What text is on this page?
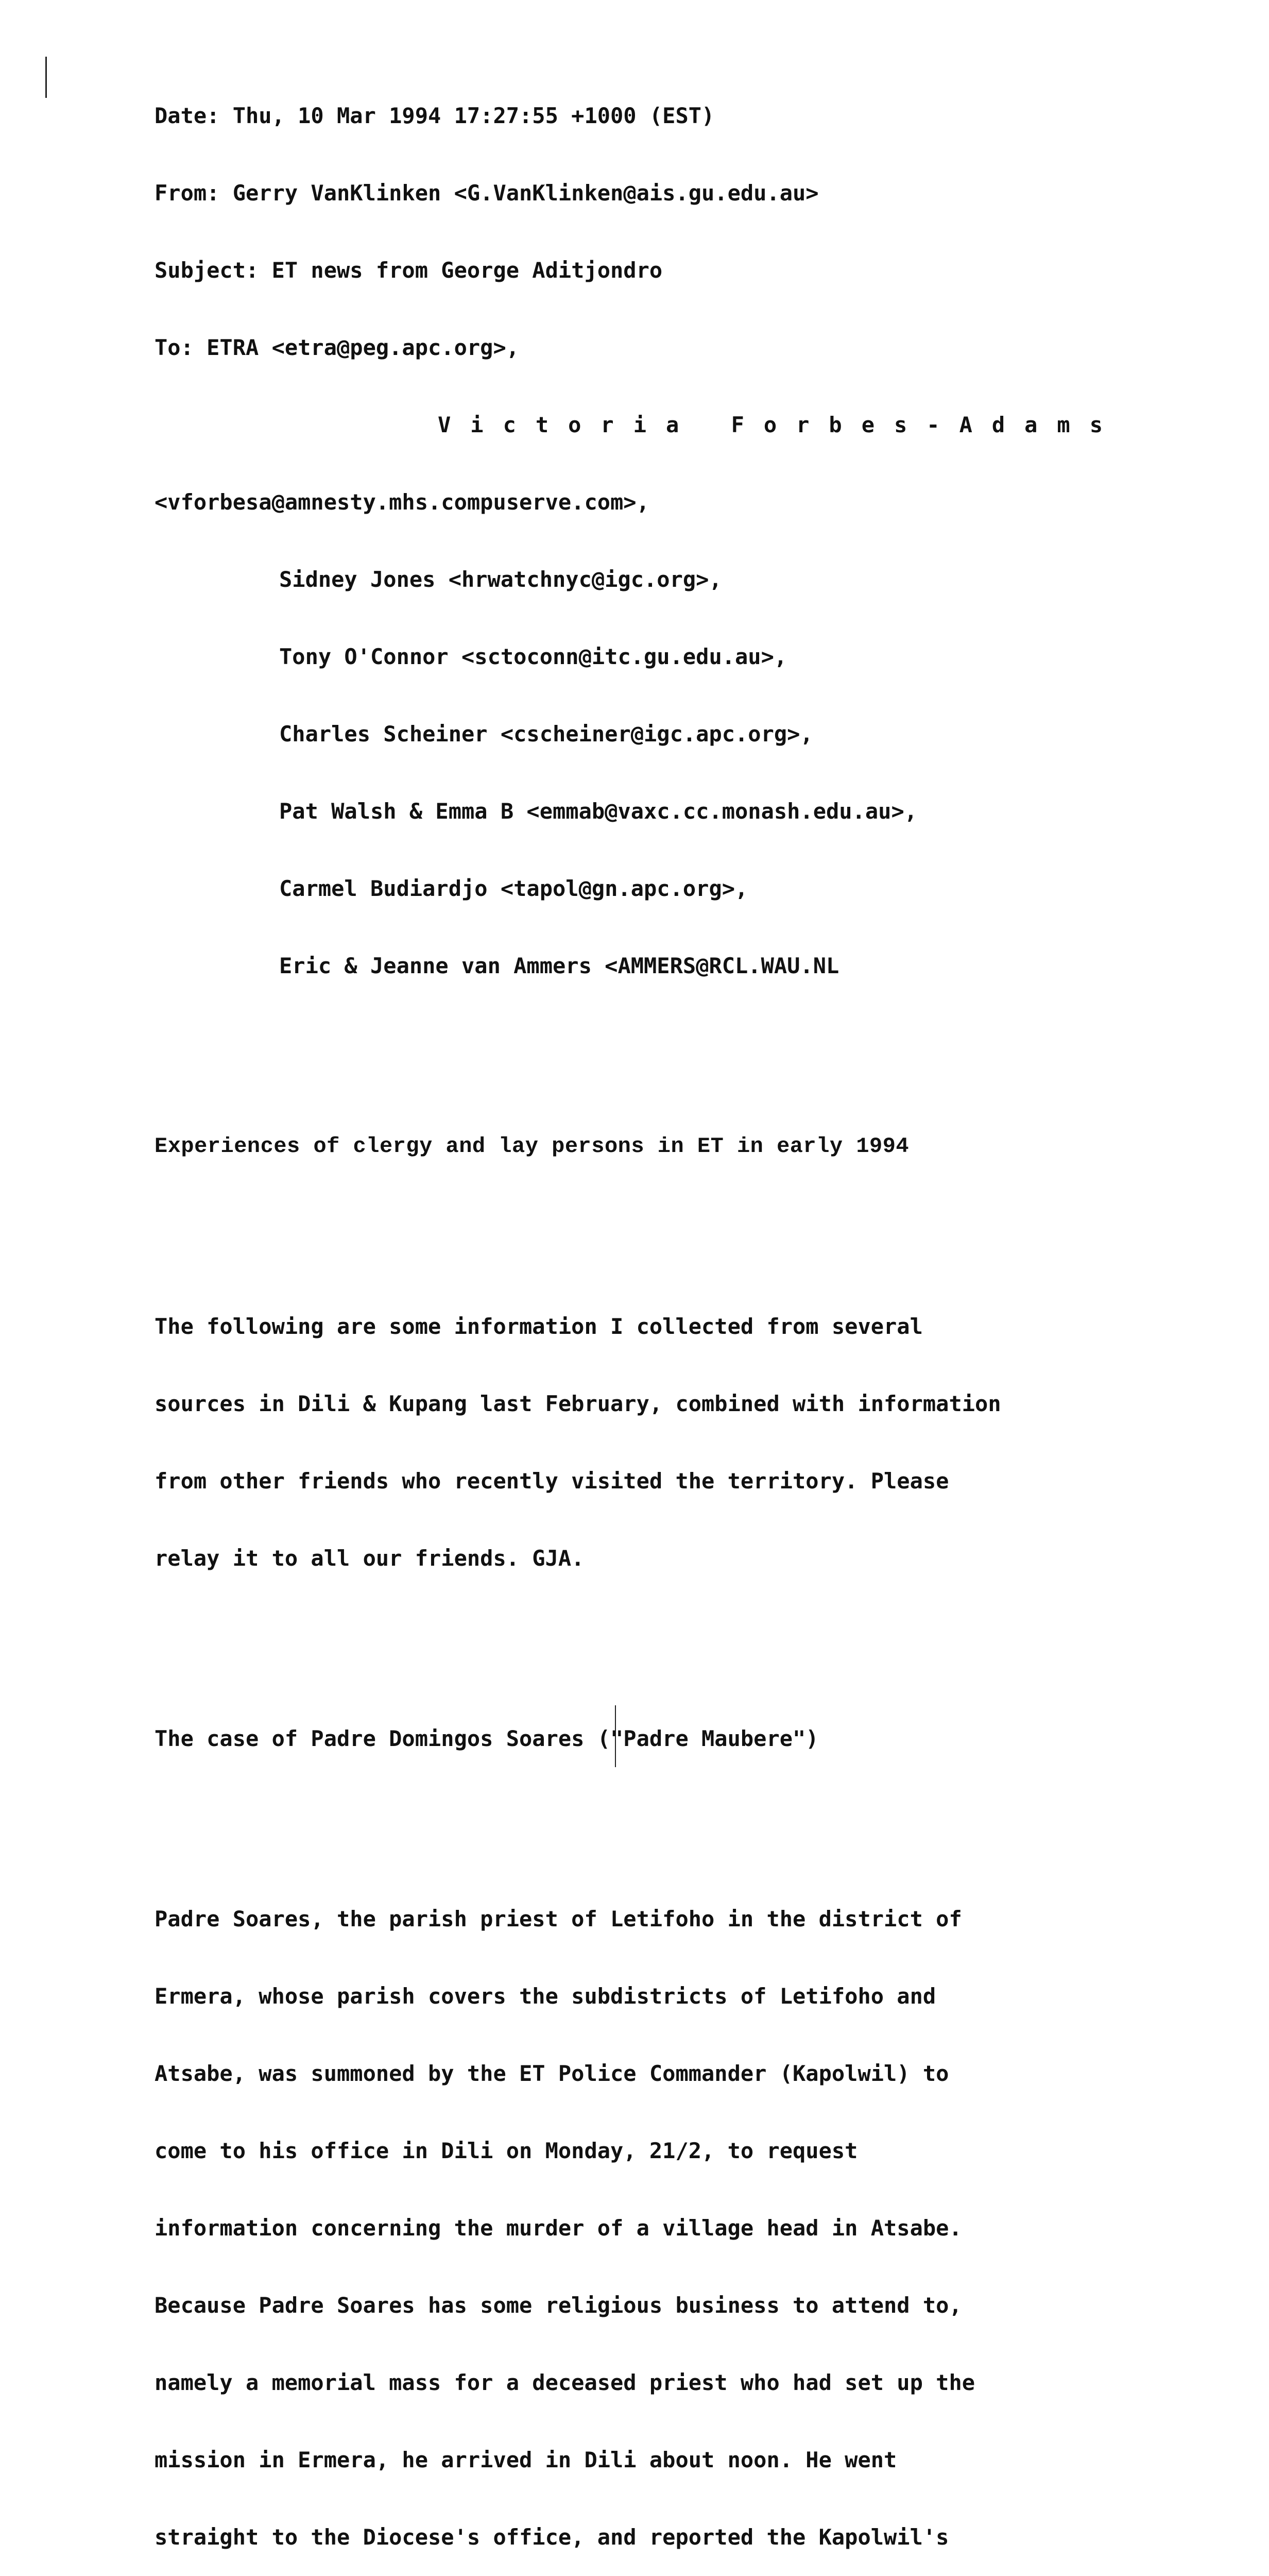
Date: Thu, 10 Mar 1994 17:27:55 +1000 (EST)

From: Gerry VanKlinken <G.VanKlinken@ais.gu.edu.au>

Subject: ET news from George Aditjondro

To: ETRA <etra@peg.apc.org>,

Victoria Forbes-Adams

<vforbesa@amnesty.mhs.compuserve.com>,

Sidney Jones <hrwatchnyc@igc.org>,

Tony O'Connor <sctoconn@itc.gu.edu.au>,

Charles Scheiner <cscheiner@igc.apc.org>,

Pat Walsh & Emma B <emmab@vaxc.cc.monash.edu.au>,

Carmel Budiardjo <tapol@gn.apc.org>,

Eric & Jeanne van Ammers <AMMERS@RCL.WAU.NL

Experiences of clergy and lay persons in ET in early 1994

The following are some information I collected from several

sources in Dili & Kupang last February, combined with information

from other friends who recently visited the territory. Please

relay it to all our friends. GJA.

The case of Padre Domingos Soares ("Padre Maubere")

Padre Soares, the parish priest of Letifoho in the district of

Ermera, whose parish covers the subdistricts of Letifoho and

Atsabe, was summoned by the ET Police Commander (Kapolwil) to

come to his office in Dili on Monday, 21/2, to request

information concerning the murder of a village head in Atsabe.

Because Padre Soares has some religious business to attend to,

namely a memorial mass for a deceased priest who had set up the

mission in Ermera, he arrived in Dili about noon. He went

straight to the Diocese's office, and reported the Kapolwil's
